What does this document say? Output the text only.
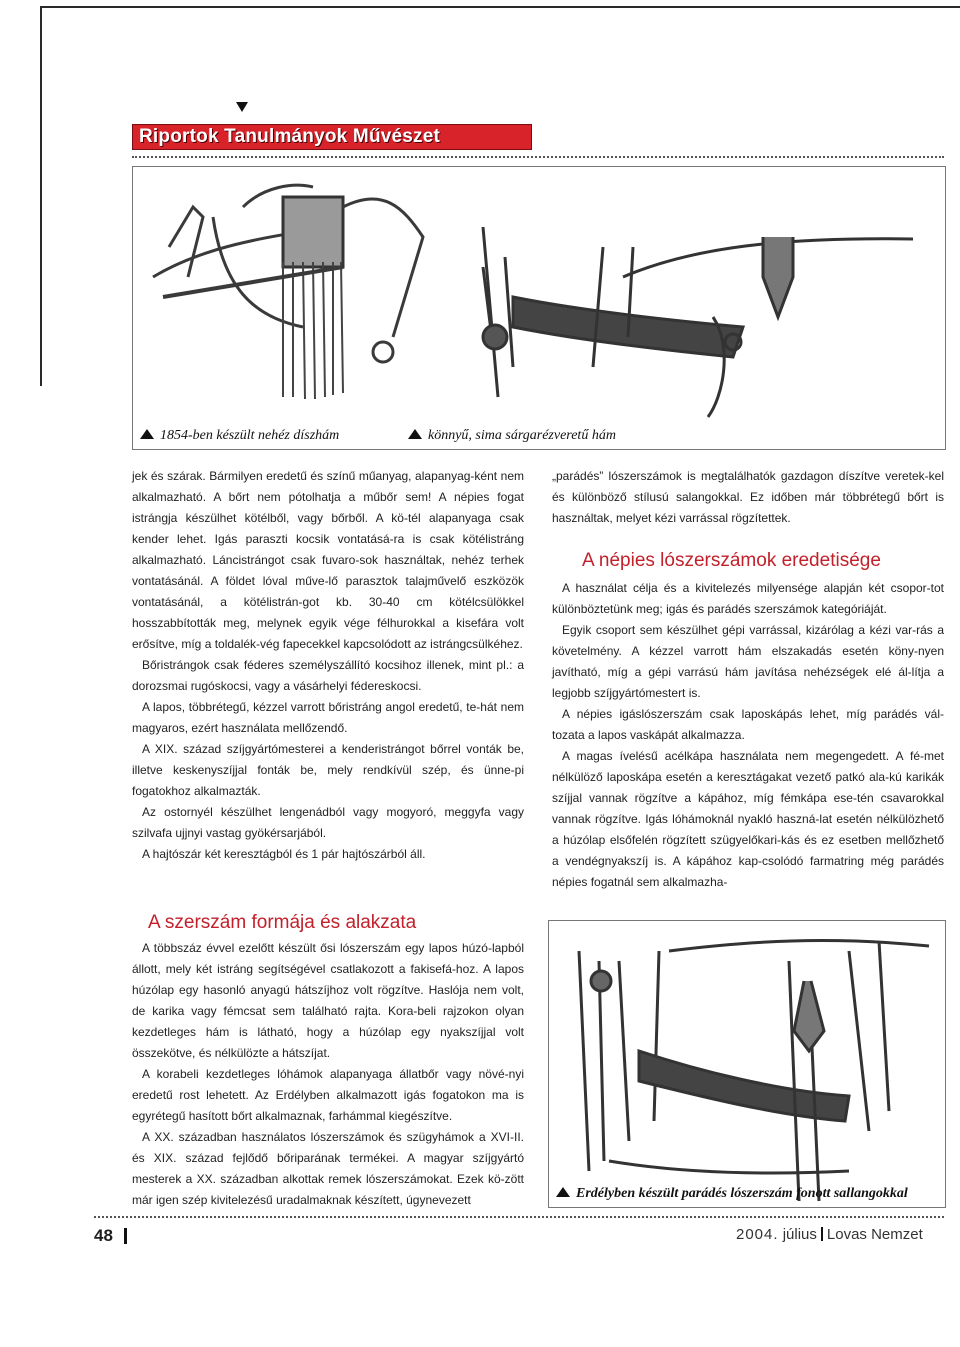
Riportok Tanulmányok Művészet
1854-ben készült nehéz díszhám	könnyű, sima sárgarézveretű hám

jek és szárak. Bármilyen eredetű és színű műanyag, alapanyag-ként nem alkalmazható. A bőrt nem pótolhatja a műbőr sem! A népies fogat istrángja készülhet kötélből, vagy bőrből. A kö-tél alapanyaga csak kender lehet. Igás paraszti kocsik vontatásá-ra is csak kötélistráng alkalmazható. Láncistrángot csak fuvaro-sok használtak, nehéz terhek vontatásánál. A földet lóval műve-lő parasztok talajművelő eszközök vontatásánál, a kötélistrán-got kb. 30-40 cm kötélcsülökkel hosszabbították meg, melynek egyik vége félhurokkal a kisefára volt erősítve, míg a toldalék-vég fapecekkel kapcsolódott az istrángcsülkéhez.

Bőristrángok csak féderes személyszállító kocsihoz illenek, mint pl.: a dorozsmai rugóskocsi, vagy a vásárhelyi fédereskocsi.

A lapos, többrétegű, kézzel varrott bőristráng angol eredetű, te-hát nem magyaros, ezért használata mellőzendő.

A XIX. század szíjgyártómesterei a kenderistrángot bőrrel vonták be, illetve keskenyszíjjal fonták be, mely rendkívül szép, és ünne-pi fogatokhoz alkalmazták.

Az ostornyél készülhet lengenádból vagy mogyoró, meggyfa vagy szilvafa ujjnyi vastag gyökérsarjából.

A hajtószár két keresztágból és 1 pár hajtószárból áll.

A szerszám formája és alakzata

A többszáz évvel ezelőtt készült ősi lószerszám egy lapos húzó-lapból állott, mely két istráng segítségével csatlakozott a fakisefá-hoz. A lapos húzólap egy hasonló anyagú hátszíjhoz volt rögzítve. Haslója nem volt, de karika vagy fémcsat sem található rajta. Kora-beli rajzokon olyan kezdetleges hám is látható, hogy a húzólap egy nyakszíjjal volt összekötve, és nélkülözte a hátszíjat.

A korabeli kezdetleges lóhámok alapanyaga állatbőr vagy növé-nyi eredetű rost lehetett. Az Erdélyben alkalmazott igás fogatokon ma is egyrétegű hasított bőrt alkalmaznak, farhámmal kiegészítve.

A XX. században használatos lószerszámok és szügyhámok a XVI-II. és XIX. század fejlődő bőriparának termékei. A magyar szíjgyártó mesterek a XX. században alkottak remek lószerszámokat. Ezek kö-zött már igen szép kivitelezésű uradalmaknak készített, úgynevezett

„parádés” lószerszámok is megtalálhatók gazdagon díszítve veretek-kel és különböző stílusú salangokkal. Ez időben már többrétegű bőrt is használtak, melyet kézi varrással rögzítettek.

A népies lószerszámok eredetisége

A használat célja és a kivitelezés milyensége alapján két csopor-tot különböztetünk meg; igás és parádés szerszámok kategóriáját.

Egyik csoport sem készülhet gépi varrással, kizárólag a kézi var-rás a követelmény. A kézzel varrott hám elszakadás esetén köny-nyen javítható, míg a gépi varrású hám javítása nehézségek elé ál-lítja a legjobb szíjgyártómestert is.

A népies igáslószerszám csak laposkápás lehet, míg parádés vál-tozata a lapos vaskápát alkalmazza.

A magas ívelésű acélkápa használata nem megengedett. A fé-met nélkülöző laposkápa esetén a keresztágakat vezető patkó ala-kú karikák szíjjal vannak rögzítve a kápához, míg fémkápa ese-tén csavarokkal vannak rögzítve. Igás lóhámoknál nyakló haszná-lat esetén nélkülözhető a húzólap elsőfelén rögzített szügyelőkari-kás és ez esetben mellőzhető a vendégnyakszíj is. A kápához kap-csolódó farmatring még parádés népies fogatnál sem alkalmazha-

Erdélyben készült parádés lószerszám fonott sallangokkal
48	2004. július Lovas Nemzet
